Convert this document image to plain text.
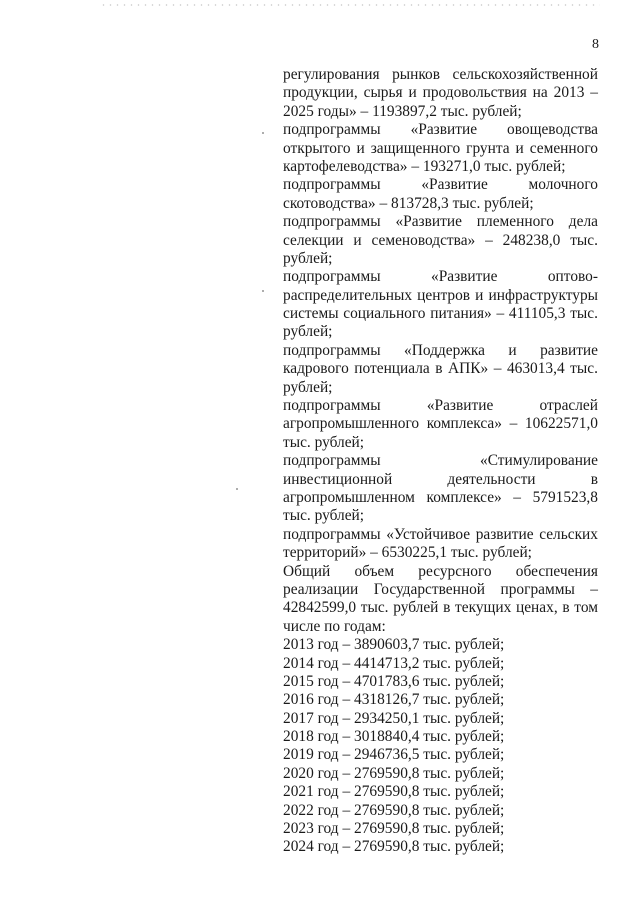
8
регулирования рынков сельскохозяйственной
продукции, сырья и продовольствия на 2013 –
2025 годы» – 1193897,2 тыс. рублей;
подпрограммы «Развитие овощеводства
открытого и защищенного грунта и семенного
картофелеводства» – 193271,0 тыс. рублей;
подпрограммы	«Развитие	молочного
скотоводства» – 813728,3 тыс. рублей;
подпрограммы «Развитие племенного дела
селекции и семеноводства» – 248238,0 тыс.
рублей;
подпрограммы	«Развитие	оптово-
распределительных центров и инфраструктуры
системы социального питания» – 411105,3 тыс.
рублей;
подпрограммы «Поддержка и развитие
кадрового потенциала в АПК» – 463013,4 тыс.
рублей;
подпрограммы	«Развитие	отраслей
агропромышленного комплекса» – 10622571,0
тыс. рублей;
подпрограммы	«Стимулирование
инвестиционной	деятельности	в
агропромышленном комплексе» – 5791523,8
тыс. рублей;
подпрограммы «Устойчивое развитие сельских
территорий» – 6530225,1 тыс. рублей;
Общий объем ресурсного обеспечения
реализации Государственной программы –
42842599,0 тыс. рублей в текущих ценах, в том
числе по годам:
2013 год – 3890603,7 тыс. рублей;
2014 год – 4414713,2 тыс. рублей;
2015 год – 4701783,6 тыс. рублей;
2016 год – 4318126,7 тыс. рублей;
2017 год – 2934250,1 тыс. рублей;
2018 год – 3018840,4 тыс. рублей;
2019 год – 2946736,5 тыс. рублей;
2020 год – 2769590,8 тыс. рублей;
2021 год – 2769590,8 тыс. рублей;
2022 год – 2769590,8 тыс. рублей;
2023 год – 2769590,8 тыс. рублей;
2024 год – 2769590,8 тыс. рублей;
